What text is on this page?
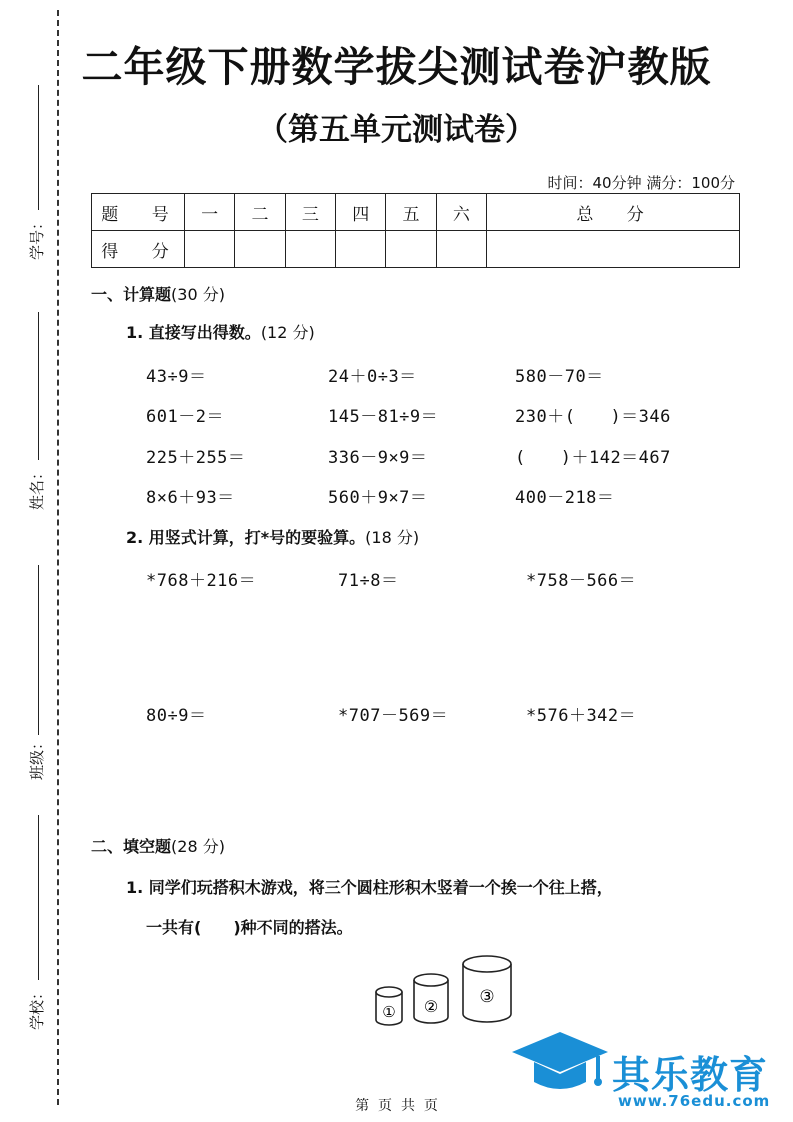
学号：
姓名：
班级：
学校：
二年级下册数学拔尖测试卷沪教版
（第五单元测试卷）
时间：40分钟 满分：100分
题 号	一	二	三	四	五	六	总 分
得 分							
一、计算题(30 分)
1. 直接写出得数。(12 分)
43÷9＝	24＋0÷3＝	580－70＝
601－2＝	145－81÷9＝	230＋(　　)＝346
225＋255＝	336－9×9＝	(　　)＋142＝467
8×6＋93＝	560＋9×7＝	400－218＝
2. 用竖式计算，打*号的要验算。(18 分)
*768＋216＝	71÷8＝	*758－566＝
80÷9＝	*707－569＝	*576＋342＝
二、填空题(28 分)
1. 同学们玩搭积木游戏，将三个圆柱形积木竖着一个挨一个往上搭，
一共有(　　)种不同的搭法。
① ② ③
其乐教育
www.76edu.com
第  页  共  页
